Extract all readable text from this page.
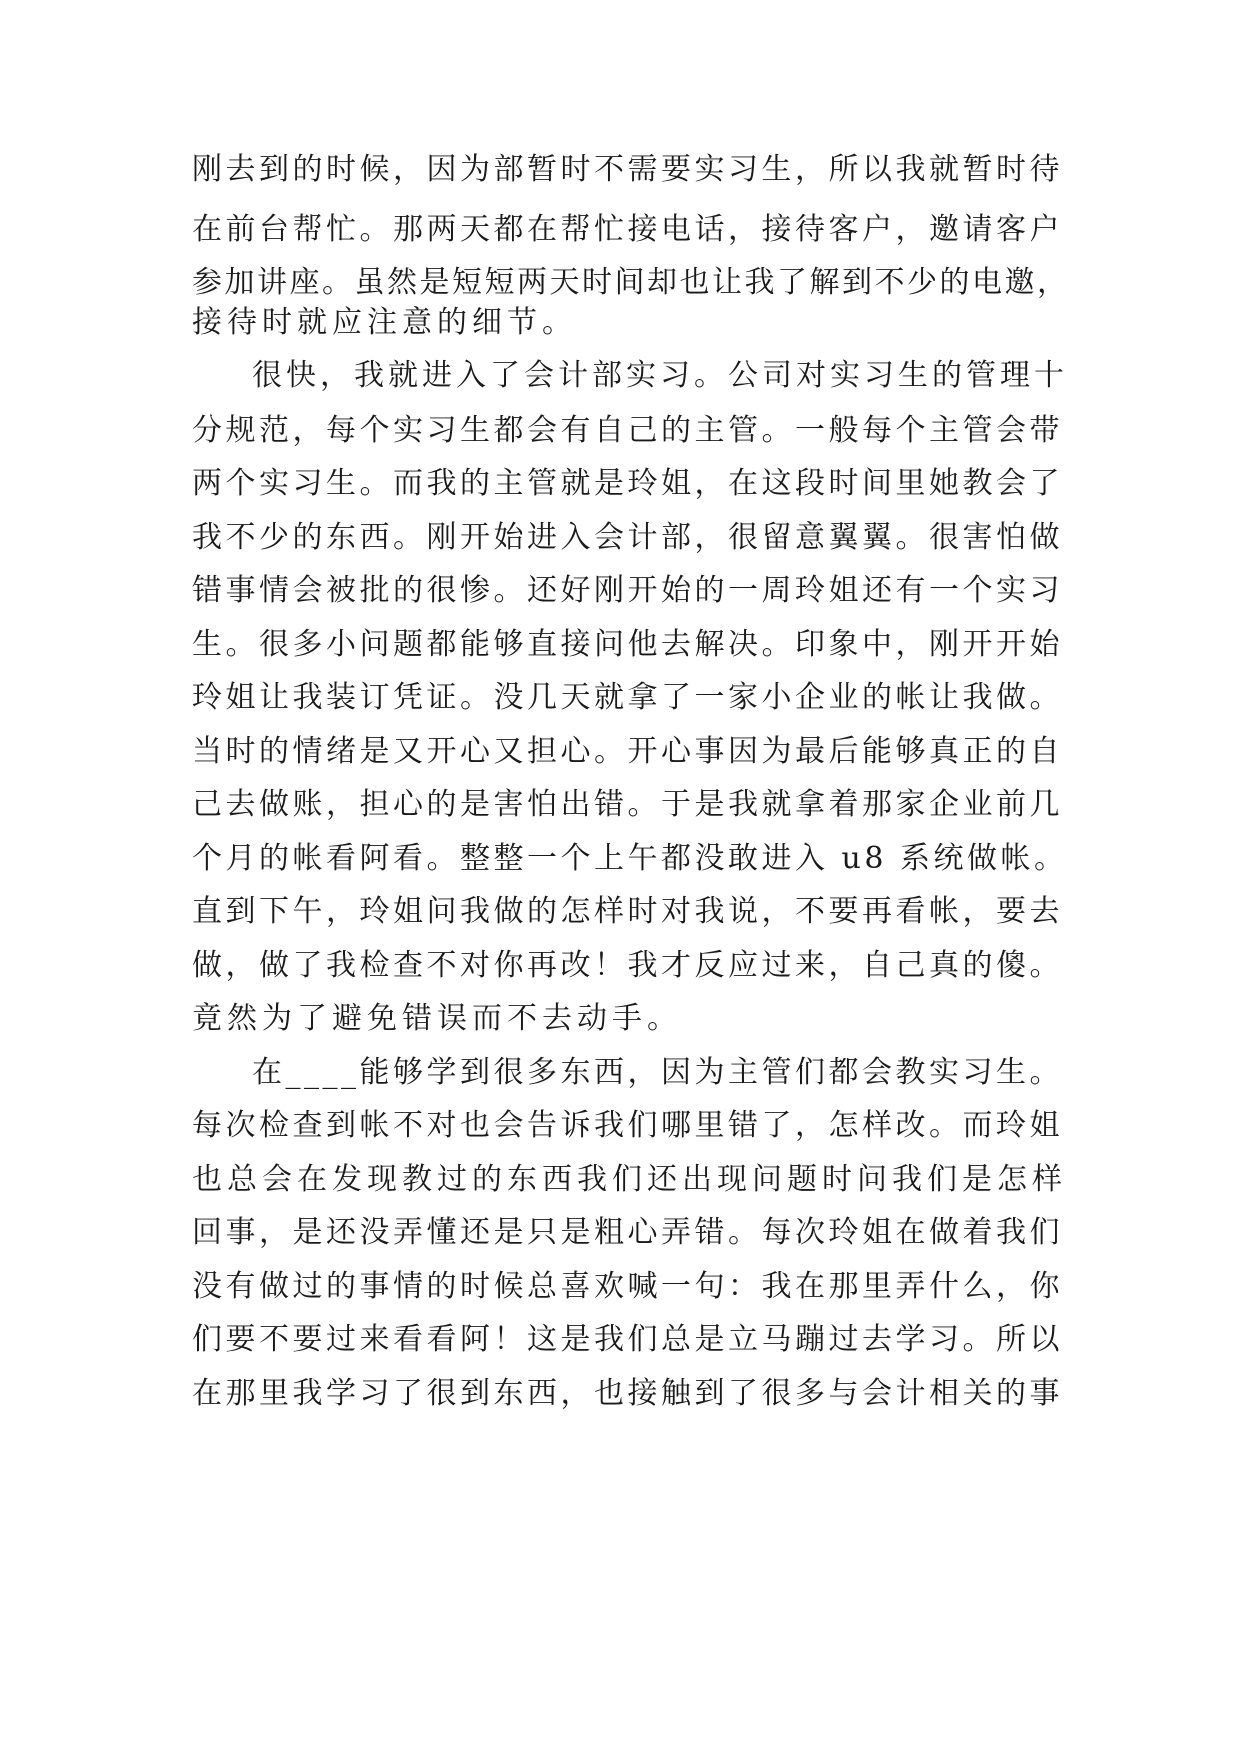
刚去到的时候，因为部暂时不需要实习生，所以我就暂时待
在前台帮忙。那两天都在帮忙接电话，接待客户，邀请客户
参加讲座。虽然是短短两天时间却也让我了解到不少的电邀，
接待时就应注意的细节。
很快，我就进入了会计部实习。公司对实习生的管理十
分规范，每个实习生都会有自己的主管。一般每个主管会带
两个实习生。而我的主管就是玲姐，在这段时间里她教会了
我不少的东西。刚开始进入会计部，很留意翼翼。很害怕做
错事情会被批的很惨。还好刚开始的一周玲姐还有一个实习
生。很多小问题都能够直接问他去解决。印象中，刚开开始
玲姐让我装订凭证。没几天就拿了一家小企业的帐让我做。
当时的情绪是又开心又担心。开心事因为最后能够真正的自
己去做账，担心的是害怕出错。于是我就拿着那家企业前几
个月的帐看阿看。整整一个上午都没敢进入 u8 系统做帐。
直到下午，玲姐问我做的怎样时对我说，不要再看帐，要去
做，做了我检查不对你再改！我才反应过来，自己真的傻。
竟然为了避免错误而不去动手。
在____能够学到很多东西，因为主管们都会教实习生。
每次检查到帐不对也会告诉我们哪里错了，怎样改。而玲姐
也总会在发现教过的东西我们还出现问题时问我们是怎样
回事，是还没弄懂还是只是粗心弄错。每次玲姐在做着我们
没有做过的事情的时候总喜欢喊一句：我在那里弄什么，你
们要不要过来看看阿！这是我们总是立马蹦过去学习。所以
在那里我学习了很到东西，也接触到了很多与会计相关的事
